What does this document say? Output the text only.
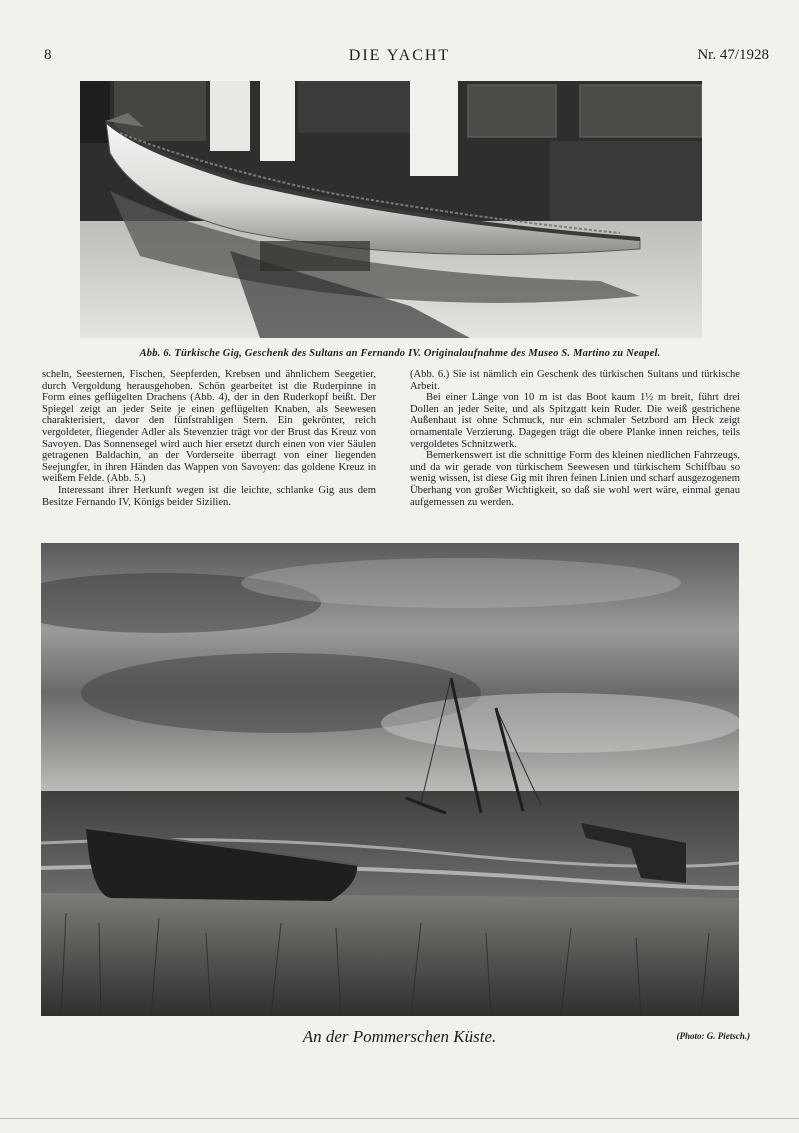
8	DIE YACHT	Nr. 47/1928
Abb. 6. Türkische Gig, Geschenk des Sultans an Fernando IV. Originalaufnahme des Museo S. Martino zu Neapel.

scheln, Seesternen, Fischen, Seepferden, Krebsen und ähnlichem Seegetier, durch Vergoldung herausgehoben. Schön gearbeitet ist die Ruderpinne in Form eines geflügelten Drachens (Abb. 4), der in den Ruderkopf beißt. Der Spiegel zeigt an jeder Seite je einen geflügelten Knaben, als Seewesen charakterisiert, davor den fünfstrahligen Stern. Ein gekrönter, reich vergoldeter, fliegender Adler als Stevenzier trägt vor der Brust das Kreuz von Savoyen. Das Sonnensegel wird auch hier ersetzt durch einen von vier Säulen getragenen Baldachin, an der Vorderseite überragt von einer liegenden Seejungfer, in ihren Händen das Wappen von Savoyen: das goldene Kreuz in weißem Felde. (Abb. 5.)

Interessant ihrer Herkunft wegen ist die leichte, schlanke Gig aus dem Besitze Fernando IV, Königs beider Sizilien.

(Abb. 6.) Sie ist nämlich ein Geschenk des türkischen Sultans und türkische Arbeit.

Bei einer Länge von 10 m ist das Boot kaum 1½ m breit, führt drei Dollen an jeder Seite, und als Spitzgatt kein Ruder. Die weiß gestrichene Außenhaut ist ohne Schmuck, nur ein schmaler Setzbord am Heck zeigt ornamentale Verzierung. Dagegen trägt die obere Planke innen reiches, teils vergoldetes Schnitzwerk.

Bemerkenswert ist die schnittige Form des kleinen niedlichen Fahrzeugs, und da wir gerade von türkischem Seewesen und türkischem Schiffbau so wenig wissen, ist diese Gig mit ihren feinen Linien und scharf ausgezogenem Überhang von großer Wichtigkeit, so daß sie wohl wert wäre, einmal genau aufgemessen zu werden.

An der Pommerschen Küste.	(Photo: G. Pietsch.)
